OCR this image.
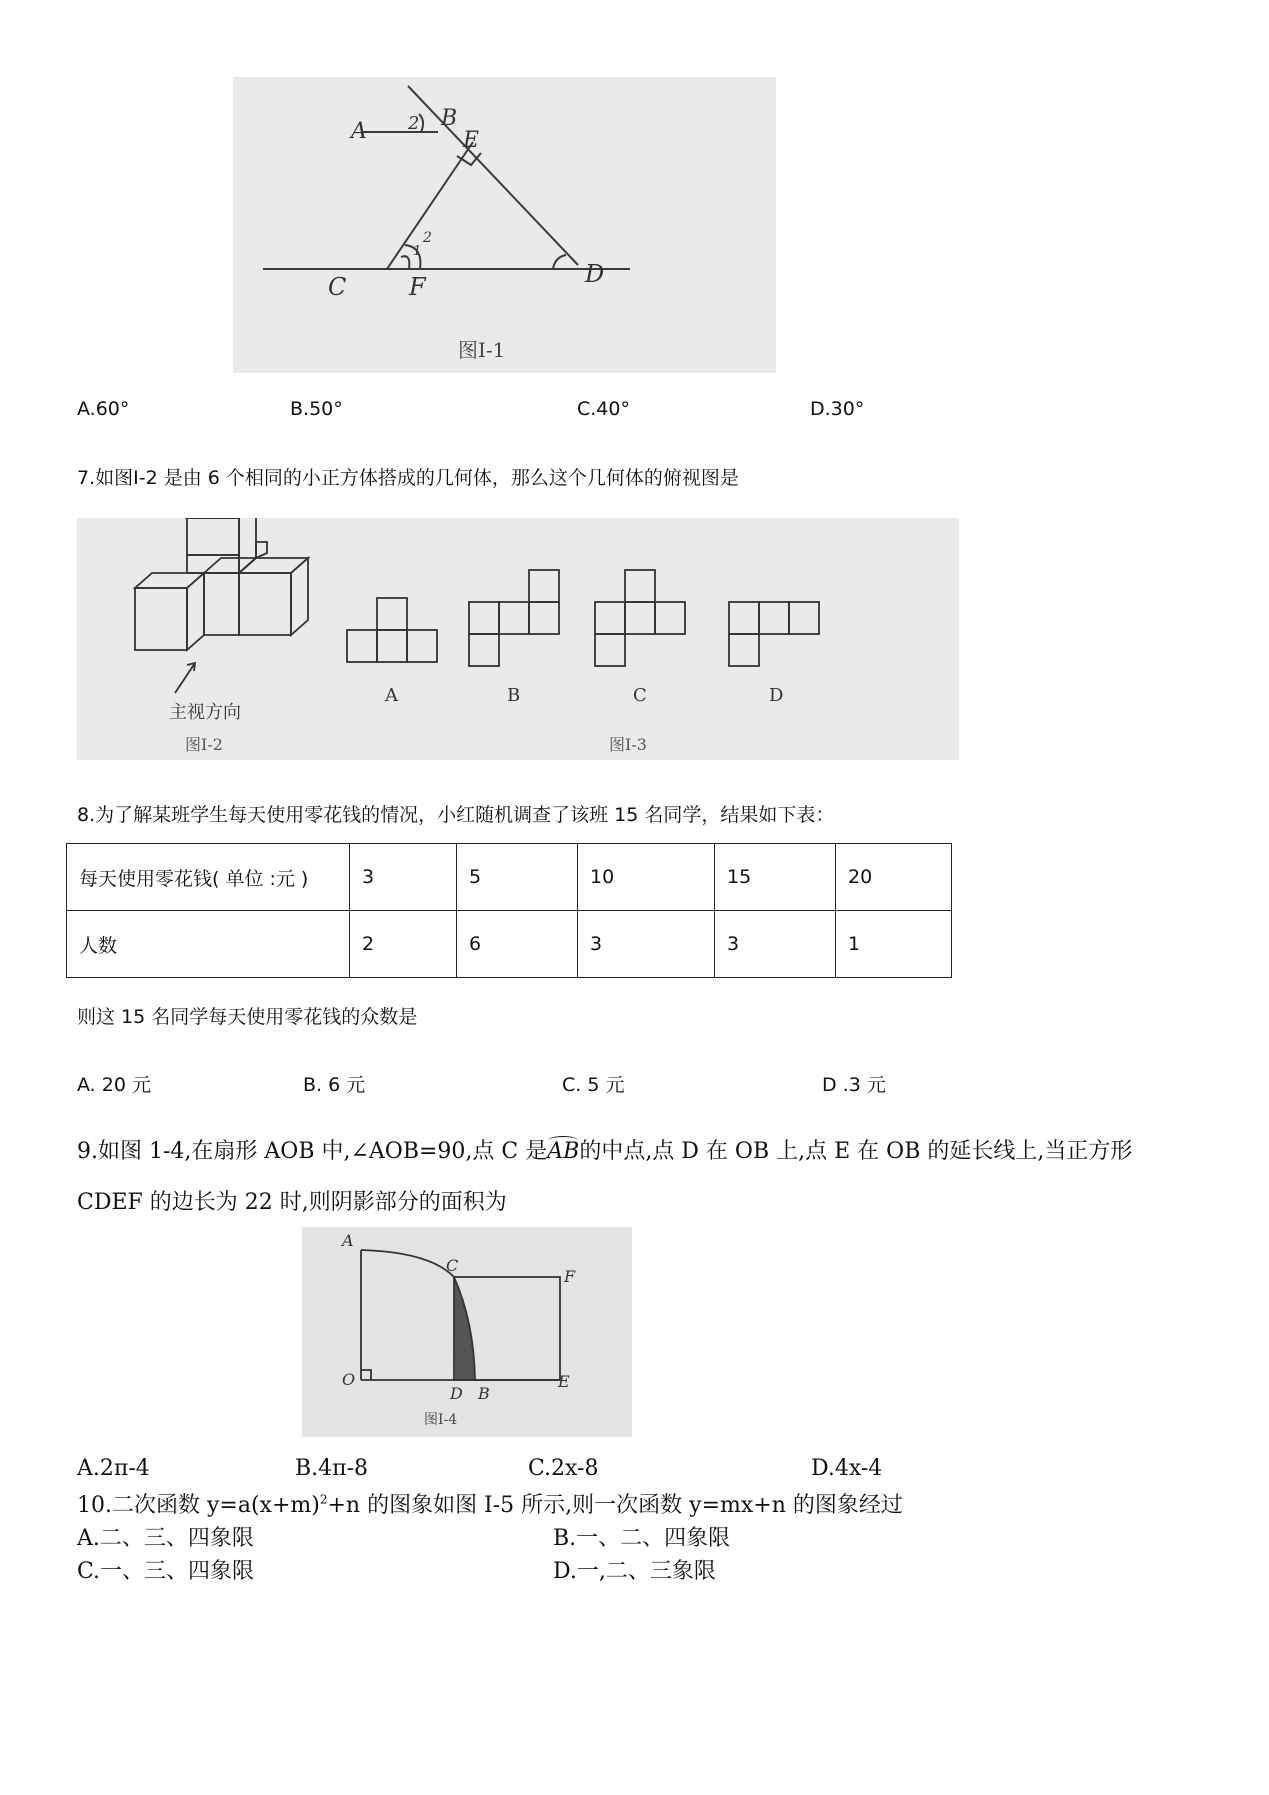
A 2 B
E
2
1
C	F	D
图Ⅰ-1
A.60°	B.50°	C.40°	D.30°
7.如图I-2 是由 6 个相同的小正方体搭成的几何体，那么这个几何体的俯视图是
主视方向
图Ⅰ-2
A	B	C	D
图Ⅰ-3
8.为了解某班学生每天使用零花钱的情况，小红随机调查了该班 15 名同学，结果如下表：
每天使用零花钱( 单位 :元 )	3	5	10	15	20
人数	2	6	3	3	1
则这 15 名同学每天使用零花钱的众数是
A. 20 元	B. 6 元	C. 5 元	D .3 元
9.如图 1-4,在扇形 AOB 中,∠AOB=90,点 C 是AB的中点,点 D 在 OB 上,点 E 在 OB 的延长线上,当正方形
CDEF 的边长为 22 时,则阴影部分的面积为
A
C
F
O
D B
E
图Ⅰ-4
A.2π-4	B.4π-8	C.2x-8	D.4x-4
10.二次函数 $y=a(x+m)^2+n$ 的图象如图 I-5 所示,则一次函数 y=mx+n 的图象经过
A.二、三、四象限	B.一、二、四象限
C.一、三、四象限	D.一,二、三象限
